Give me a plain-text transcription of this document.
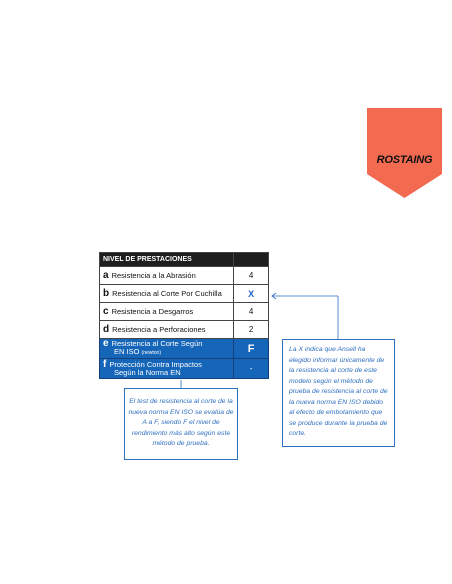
ROSTAING
NIVEL DE PRESTACIONES	
a Resistencia a la Abrasión	4
b Resistencia al Corte Por Cuchilla	X
c Resistencia a Desgarros	4
d Resistencia a Perforaciones	2
e Resistencia al Corte Según
EN ISO (newton)	F
f Protección Contra Impactos
Según la Norma EN	-
El test de resistencia al corte de la nueva norma EN ISO se evalúa de A a F, siendo F el nivel de rendimiento más alto según este método de prueba.
La X indica que Ansell ha elegido informar únicamente de la resistencia al corte de este modelo según el método de prueba de resistencia al corte de la nueva norma EN ISO debido al efecto de embotamiento que se produce durante la prueba de corte.
